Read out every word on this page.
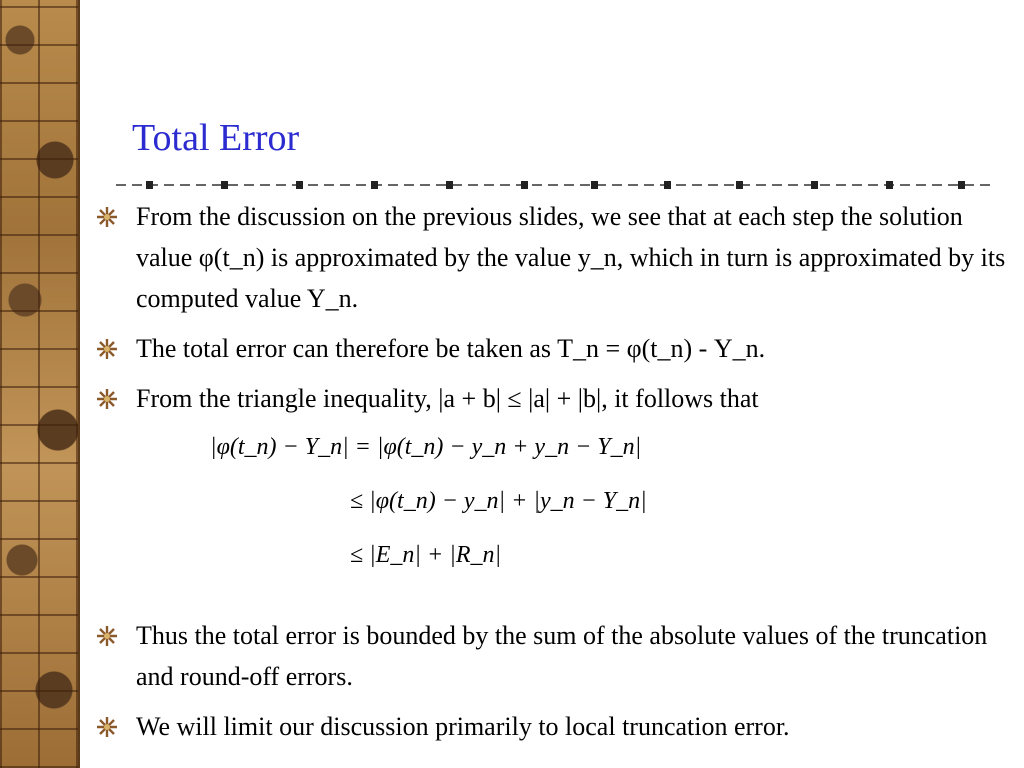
Total Error
From the discussion on the previous slides, we see that at each step the solution value φ(t_n) is approximated by the value y_n, which in turn is approximated by its computed value Y_n.
The total error can therefore be taken as T_n = φ(t_n) - Y_n.
From the triangle inequality, |a + b| ≤ |a| + |b|, it follows that
Thus the total error is bounded by the sum of the absolute values of the truncation and round-off errors.
We will limit our discussion primarily to local truncation error.
|φ(t_n) − Y_n| = |φ(t_n) − y_n + y_n − Y_n|
≤ |φ(t_n) − y_n| + |y_n − Y_n|
≤ |E_n| + |R_n|
